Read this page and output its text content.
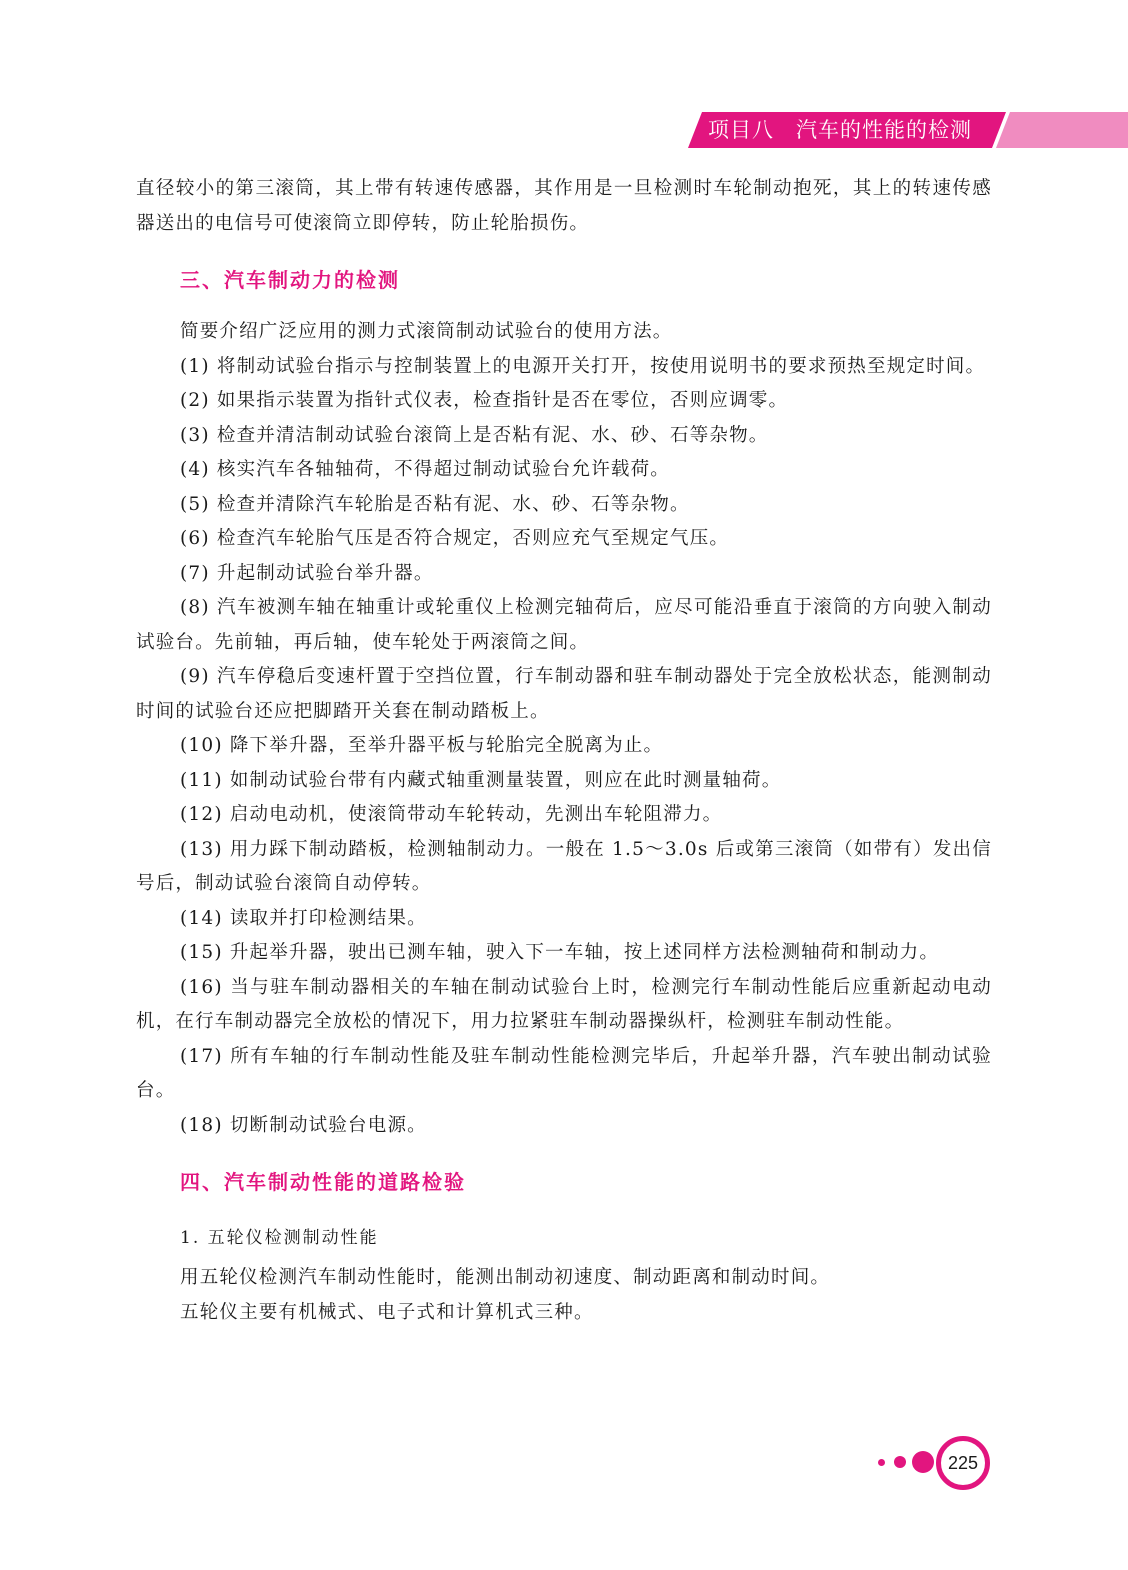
项目八　汽车的性能的检测

直径较小的第三滚筒，其上带有转速传感器，其作用是一旦检测时车轮制动抱死，其上的转速传感器送出的电信号可使滚筒立即停转，防止轮胎损伤。

三、汽车制动力的检测

简要介绍广泛应用的测力式滚筒制动试验台的使用方法。

(1) 将制动试验台指示与控制装置上的电源开关打开，按使用说明书的要求预热至规定时间。

(2) 如果指示装置为指针式仪表，检查指针是否在零位，否则应调零。

(3) 检查并清洁制动试验台滚筒上是否粘有泥、水、砂、石等杂物。

(4) 核实汽车各轴轴荷，不得超过制动试验台允许载荷。

(5) 检查并清除汽车轮胎是否粘有泥、水、砂、石等杂物。

(6) 检查汽车轮胎气压是否符合规定，否则应充气至规定气压。

(7) 升起制动试验台举升器。

(8) 汽车被测车轴在轴重计或轮重仪上检测完轴荷后，应尽可能沿垂直于滚筒的方向驶入制动试验台。先前轴，再后轴，使车轮处于两滚筒之间。

(9) 汽车停稳后变速杆置于空挡位置，行车制动器和驻车制动器处于完全放松状态，能测制动时间的试验台还应把脚踏开关套在制动踏板上。

(10) 降下举升器，至举升器平板与轮胎完全脱离为止。

(11) 如制动试验台带有内藏式轴重测量装置，则应在此时测量轴荷。

(12) 启动电动机，使滚筒带动车轮转动，先测出车轮阻滞力。

(13) 用力踩下制动踏板，检测轴制动力。一般在 1.5～3.0s 后或第三滚筒（如带有）发出信号后，制动试验台滚筒自动停转。

(14) 读取并打印检测结果。

(15) 升起举升器，驶出已测车轴，驶入下一车轴，按上述同样方法检测轴荷和制动力。

(16) 当与驻车制动器相关的车轴在制动试验台上时，检测完行车制动性能后应重新起动电动机，在行车制动器完全放松的情况下，用力拉紧驻车制动器操纵杆，检测驻车制动性能。

(17) 所有车轴的行车制动性能及驻车制动性能检测完毕后，升起举升器，汽车驶出制动试验台。

(18) 切断制动试验台电源。

四、汽车制动性能的道路检验
1. 五轮仪检测制动性能

用五轮仪检测汽车制动性能时，能测出制动初速度、制动距离和制动时间。

五轮仪主要有机械式、电子式和计算机式三种。

225
